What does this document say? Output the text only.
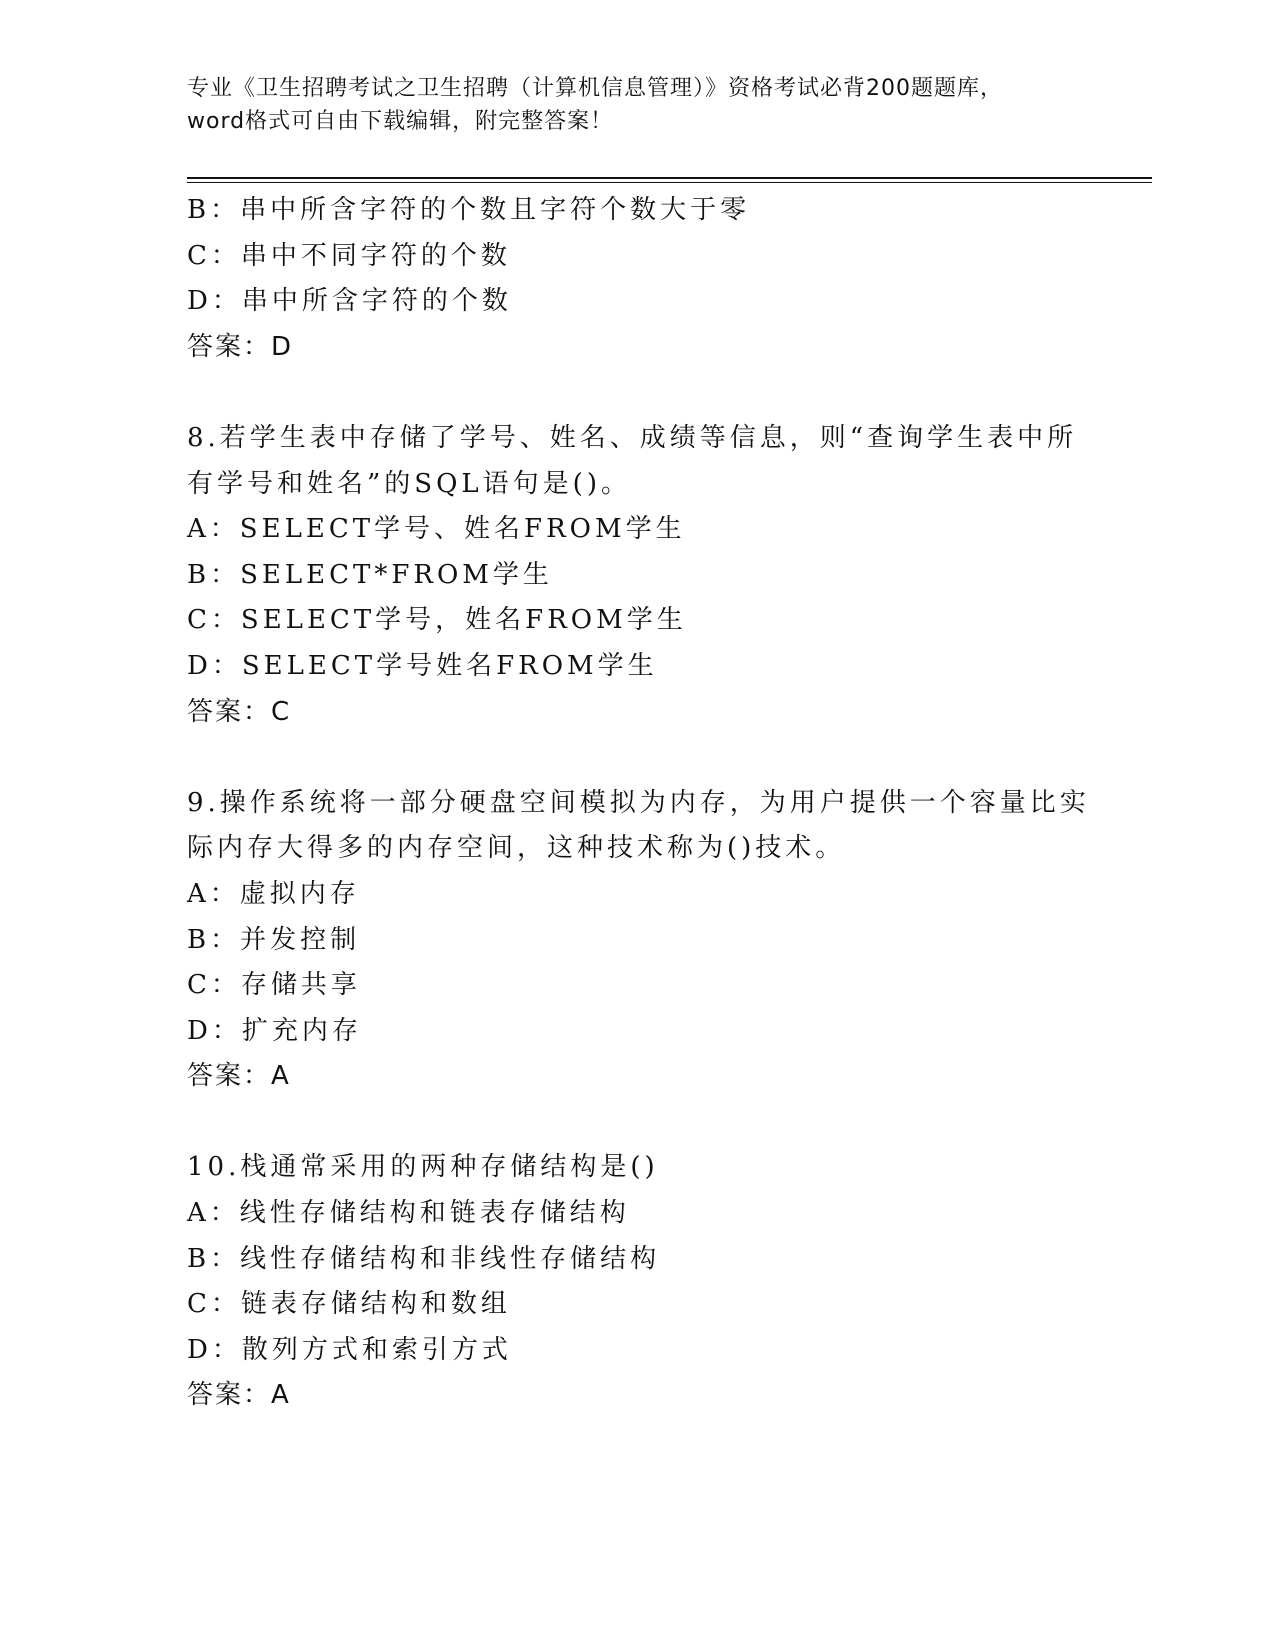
专业《卫生招聘考试之卫生招聘（计算机信息管理）》资格考试必背200题题库，
word格式可自由下载编辑，附完整答案！
B：串中所含字符的个数且字符个数大于零
C：串中不同字符的个数
D：串中所含字符的个数
答案：D
8.若学生表中存储了学号、姓名、成绩等信息，则“查询学生表中所
有学号和姓名”的SQL语句是()。
A：SELECT学号、姓名FROM学生
B：SELECT*FROM学生
C：SELECT学号，姓名FROM学生
D：SELECT学号姓名FROM学生
答案：C
9.操作系统将一部分硬盘空间模拟为内存，为用户提供一个容量比实
际内存大得多的内存空间，这种技术称为()技术。
A：虚拟内存
B：并发控制
C：存储共享
D：扩充内存
答案：A
10.栈通常采用的两种存储结构是()
A：线性存储结构和链表存储结构
B：线性存储结构和非线性存储结构
C：链表存储结构和数组
D：散列方式和索引方式
答案：A
